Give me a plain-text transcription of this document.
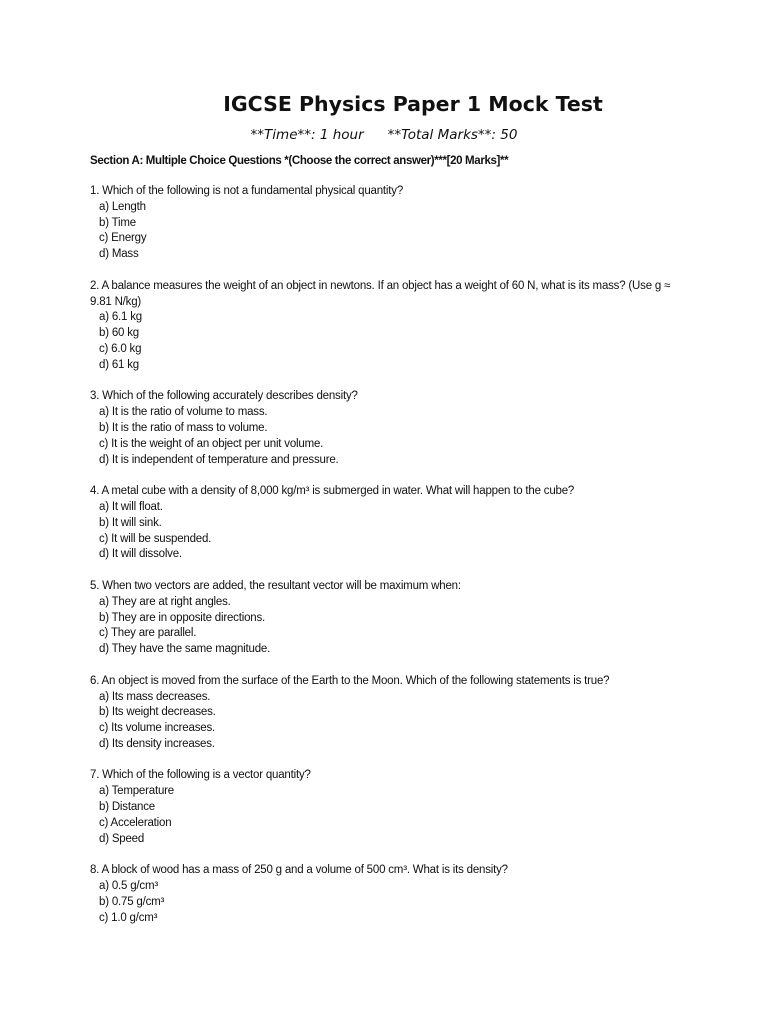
IGCSE Physics Paper 1 Mock Test
**Time**: 1 hour **Total Marks**: 50
Section A: Multiple Choice Questions *(Choose the correct answer)***[20 Marks]**

1. Which of the following is not a fundamental physical quantity?

a) Length
b) Time
c) Energy
d) Mass

2. A balance measures the weight of an object in newtons. If an object has a weight of 60 N, what is its mass? (Use g ≈ 9.81 N/kg)

a) 6.1 kg
b) 60 kg
c) 6.0 kg
d) 61 kg

3. Which of the following accurately describes density?

a) It is the ratio of volume to mass.
b) It is the ratio of mass to volume.
c) It is the weight of an object per unit volume.
d) It is independent of temperature and pressure.

4. A metal cube with a density of 8,000 kg/m³ is submerged in water. What will happen to the cube?

a) It will float.
b) It will sink.
c) It will be suspended.
d) It will dissolve.

5. When two vectors are added, the resultant vector will be maximum when:

a) They are at right angles.
b) They are in opposite directions.
c) They are parallel.
d) They have the same magnitude.

6. An object is moved from the surface of the Earth to the Moon. Which of the following statements is true?

a) Its mass decreases.
b) Its weight decreases.
c) Its volume increases.
d) Its density increases.

7. Which of the following is a vector quantity?

a) Temperature
b) Distance
c) Acceleration
d) Speed

8. A block of wood has a mass of 250 g and a volume of 500 cm³. What is its density?

a) 0.5 g/cm³
b) 0.75 g/cm³
c) 1.0 g/cm³
